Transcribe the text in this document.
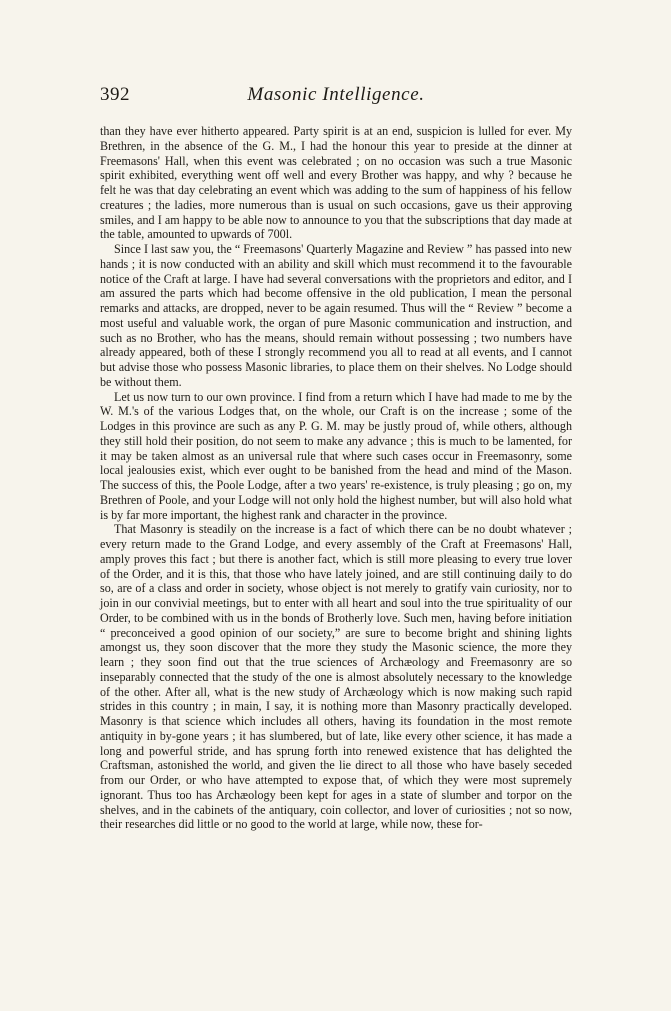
392	Masonic Intelligence.

than they have ever hitherto appeared. Party spirit is at an end, suspicion is lulled for ever. My Brethren, in the absence of the G. M., I had the honour this year to preside at the dinner at Freemasons' Hall, when this event was celebrated ; on no occasion was such a true Masonic spirit exhibited, everything went off well and every Brother was happy, and why ? because he felt he was that day celebrating an event which was adding to the sum of happiness of his fellow creatures ; the ladies, more numerous than is usual on such occasions, gave us their approving smiles, and I am happy to be able now to announce to you that the subscriptions that day made at the table, amounted to upwards of 700l.

Since I last saw you, the “ Freemasons' Quarterly Magazine and Review ” has passed into new hands ; it is now conducted with an ability and skill which must recommend it to the favourable notice of the Craft at large. I have had several conversations with the proprietors and editor, and I am assured the parts which had become offensive in the old publication, I mean the personal remarks and attacks, are dropped, never to be again resumed. Thus will the “ Review ” become a most useful and valuable work, the organ of pure Masonic communication and instruction, and such as no Brother, who has the means, should remain without possessing ; two numbers have already appeared, both of these I strongly recommend you all to read at all events, and I cannot but advise those who possess Masonic libraries, to place them on their shelves. No Lodge should be without them.

Let us now turn to our own province. I find from a return which I have had made to me by the W. M.'s of the various Lodges that, on the whole, our Craft is on the increase ; some of the Lodges in this province are such as any P. G. M. may be justly proud of, while others, although they still hold their position, do not seem to make any advance ; this is much to be lamented, for it may be taken almost as an universal rule that where such cases occur in Freemasonry, some local jealousies exist, which ever ought to be banished from the head and mind of the Mason. The success of this, the Poole Lodge, after a two years' re-existence, is truly pleasing ; go on, my Brethren of Poole, and your Lodge will not only hold the highest number, but will also hold what is by far more important, the highest rank and character in the province.

That Masonry is steadily on the increase is a fact of which there can be no doubt whatever ; every return made to the Grand Lodge, and every assembly of the Craft at Freemasons' Hall, amply proves this fact ; but there is another fact, which is still more pleasing to every true lover of the Order, and it is this, that those who have lately joined, and are still continuing daily to do so, are of a class and order in society, whose object is not merely to gratify vain curiosity, nor to join in our convivial meetings, but to enter with all heart and soul into the true spirituality of our Order, to be combined with us in the bonds of Brotherly love. Such men, having before initiation “ preconceived a good opinion of our society,” are sure to become bright and shining lights amongst us, they soon discover that the more they study the Masonic science, the more they learn ; they soon find out that the true sciences of Archæology and Freemasonry are so inseparably connected that the study of the one is almost absolutely necessary to the knowledge of the other. After all, what is the new study of Archæology which is now making such rapid strides in this country ; in main, I say, it is nothing more than Masonry practically developed. Masonry is that science which includes all others, having its foundation in the most remote antiquity in by-gone years ; it has slumbered, but of late, like every other science, it has made a long and powerful stride, and has sprung forth into renewed existence that has delighted the Craftsman, astonished the world, and given the lie direct to all those who have basely seceded from our Order, or who have attempted to expose that, of which they were most supremely ignorant. Thus too has Archæology been kept for ages in a state of slumber and torpor on the shelves, and in the cabinets of the antiquary, coin collector, and lover of curiosities ; not so now, their researches did little or no good to the world at large, while now, these for-
